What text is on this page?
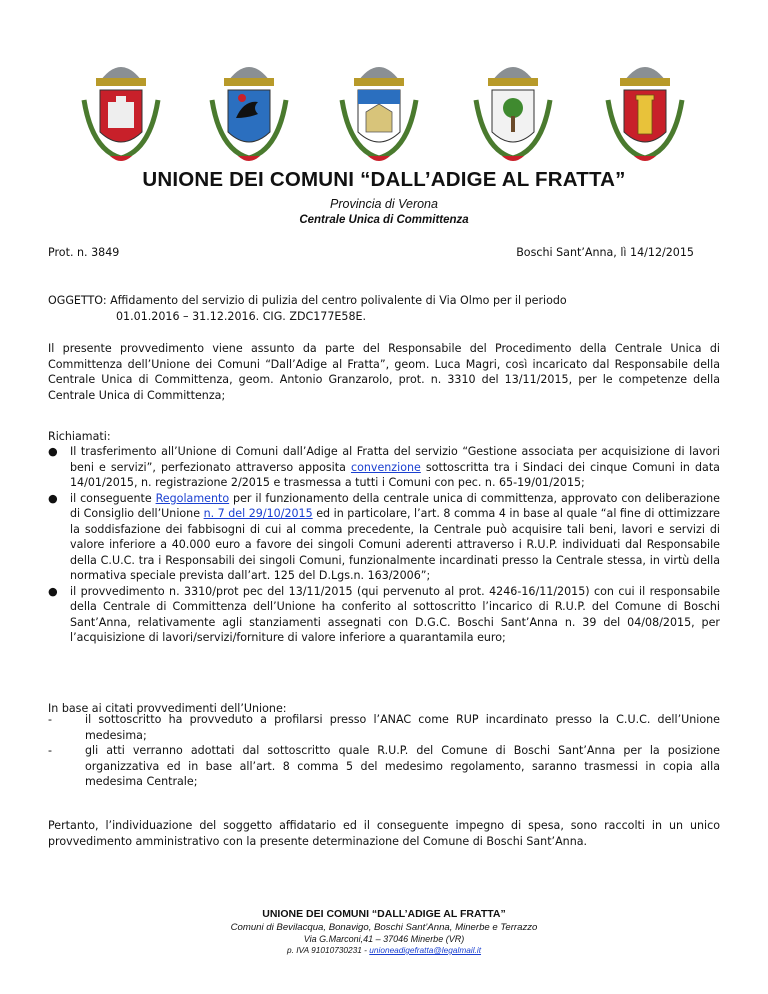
UNIONE DEI COMUNI “DALL’ADIGE AL FRATTA”
Provincia di Verona
Centrale Unica di Committenza
Prot. n. 3849	Boschi Sant’Anna, lì 14/12/2015
OGGETTO: Affidamento del servizio di pulizia del centro polivalente di Via Olmo per il periodo
01.01.2016 – 31.12.2016. CIG. ZDC177E58E.

Il presente provvedimento viene assunto da parte del Responsabile del Procedimento della Centrale Unica di Committenza dell’Unione dei Comuni “Dall’Adige al Fratta”, geom. Luca Magri, così incaricato dal Responsabile della Centrale Unica di Committenza, geom. Antonio Granzarolo, prot. n. 3310 del 13/11/2015, per le competenze della Centrale Unica di Committenza;

Richiamati:

● Il trasferimento all’Unione di Comuni dall’Adige al Fratta del servizio “Gestione associata per acquisizione di lavori beni e servizi”, perfezionato attraverso apposita convenzione sottoscritta tra i Sindaci dei cinque Comuni in data 14/01/2015, n. registrazione 2/2015 e trasmessa a tutti i Comuni con pec. n. 65-19/01/2015;
● il conseguente Regolamento per il funzionamento della centrale unica di committenza, approvato con deliberazione di Consiglio dell’Unione n. 7 del 29/10/2015 ed in particolare, l’art. 8 comma 4 in base al quale “al fine di ottimizzare la soddisfazione dei fabbisogni di cui al comma precedente, la Centrale può acquisire tali beni, lavori e servizi di valore inferiore a 40.000 euro a favore dei singoli Comuni aderenti attraverso i R.U.P. individuati dal Responsabile della C.U.C. tra i Responsabili dei singoli Comuni, funzionalmente incardinati presso la Centrale stessa, in virtù della normativa speciale prevista dall’art. 125 del D.Lgs.n. 163/2006”;
● il provvedimento n. 3310/prot pec del 13/11/2015 (qui pervenuto al prot. 4246-16/11/2015) con cui il responsabile della Centrale di Committenza dell’Unione ha conferito al sottoscritto l’incarico di R.U.P. del Comune di Boschi Sant’Anna, relativamente agli stanziamenti assegnati con D.G.C. Boschi Sant’Anna n. 39 del 04/08/2015, per l’acquisizione di lavori/servizi/forniture di valore inferiore a quarantamila euro;

In base ai citati provvedimenti dell’Unione:

-	il sottoscritto ha provveduto a profilarsi presso l’ANAC come RUP incardinato presso la C.U.C. dell’Unione medesima;
-	gli atti verranno adottati dal sottoscritto quale R.U.P. del Comune di Boschi Sant’Anna per la posizione organizzativa ed in base all’art. 8 comma 5 del medesimo regolamento, saranno trasmessi in copia alla medesima Centrale;

Pertanto, l’individuazione del soggetto affidatario ed il conseguente impegno di spesa, sono raccolti in un unico provvedimento amministrativo con la presente determinazione del Comune di Boschi Sant’Anna.

UNIONE DEI COMUNI “DALL’ADIGE AL FRATTA”
Comuni di Bevilacqua, Bonavigo, Boschi Sant’Anna, Minerbe e Terrazzo
Via G.Marconi,41 – 37046 Minerbe (VR)
p. IVA 91010730231 - unioneadigefratta@legalmail.it
